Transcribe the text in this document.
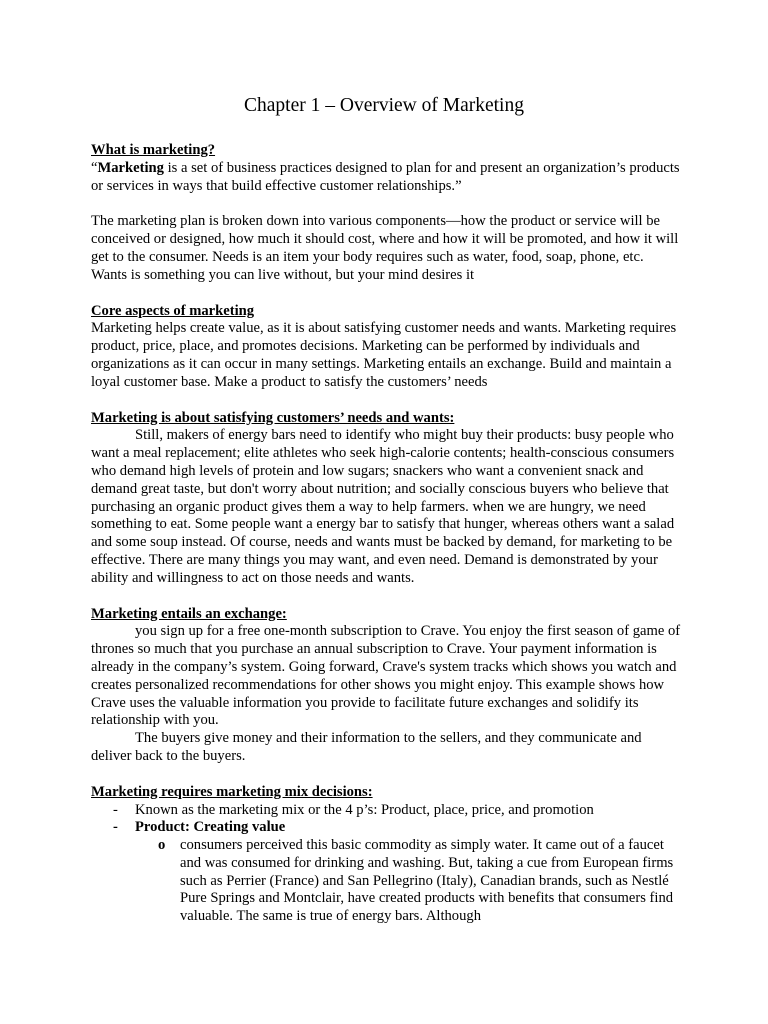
Chapter 1 – Overview of Marketing

What is marketing?

“Marketing is a set of business practices designed to plan for and present an organization’s products or services in ways that build effective customer relationships.”

The marketing plan is broken down into various components—how the product or service will be conceived or designed, how much it should cost, where and how it will be promoted, and how it will get to the consumer. Needs is an item your body requires such as water, food, soap, phone, etc. Wants is something you can live without, but your mind desires it

Core aspects of marketing

Marketing helps create value, as it is about satisfying customer needs and wants. Marketing requires product, price, place, and promotes decisions. Marketing can be performed by individuals and organizations as it can occur in many settings. Marketing entails an exchange. Build and maintain a loyal customer base. Make a product to satisfy the customers’ needs

Marketing is about satisfying customers’ needs and wants:

Still, makers of energy bars need to identify who might buy their products: busy people who want a meal replacement; elite athletes who seek high-calorie contents; health-conscious consumers who demand high levels of protein and low sugars; snackers who want a convenient snack and demand great taste, but don't worry about nutrition; and socially conscious buyers who believe that purchasing an organic product gives them a way to help farmers. when we are hungry, we need something to eat. Some people want a energy bar to satisfy that hunger, whereas others want a salad and some soup instead. Of course, needs and wants must be backed by demand, for marketing to be effective. There are many things you may want, and even need. Demand is demonstrated by your ability and willingness to act on those needs and wants.

Marketing entails an exchange:

you sign up for a free one-month subscription to Crave. You enjoy the first season of game of thrones so much that you purchase an annual subscription to Crave. Your payment information is already in the company’s system. Going forward, Crave's system tracks which shows you watch and creates personalized recommendations for other shows you might enjoy. This example shows how Crave uses the valuable information you provide to facilitate future exchanges and solidify its relationship with you.

The buyers give money and their information to the sellers, and they communicate and deliver back to the buyers.

Marketing requires marketing mix decisions:

- Known as the marketing mix or the 4 p’s: Product, place, price, and promotion
- Product: Creating value
o consumers perceived this basic commodity as simply water. It came out of a faucet and was consumed for drinking and washing. But, taking a cue from European firms such as Perrier (France) and San Pellegrino (Italy), Canadian brands, such as Nestlé Pure Springs and Montclair, have created products with benefits that consumers find valuable. The same is true of energy bars. Although
